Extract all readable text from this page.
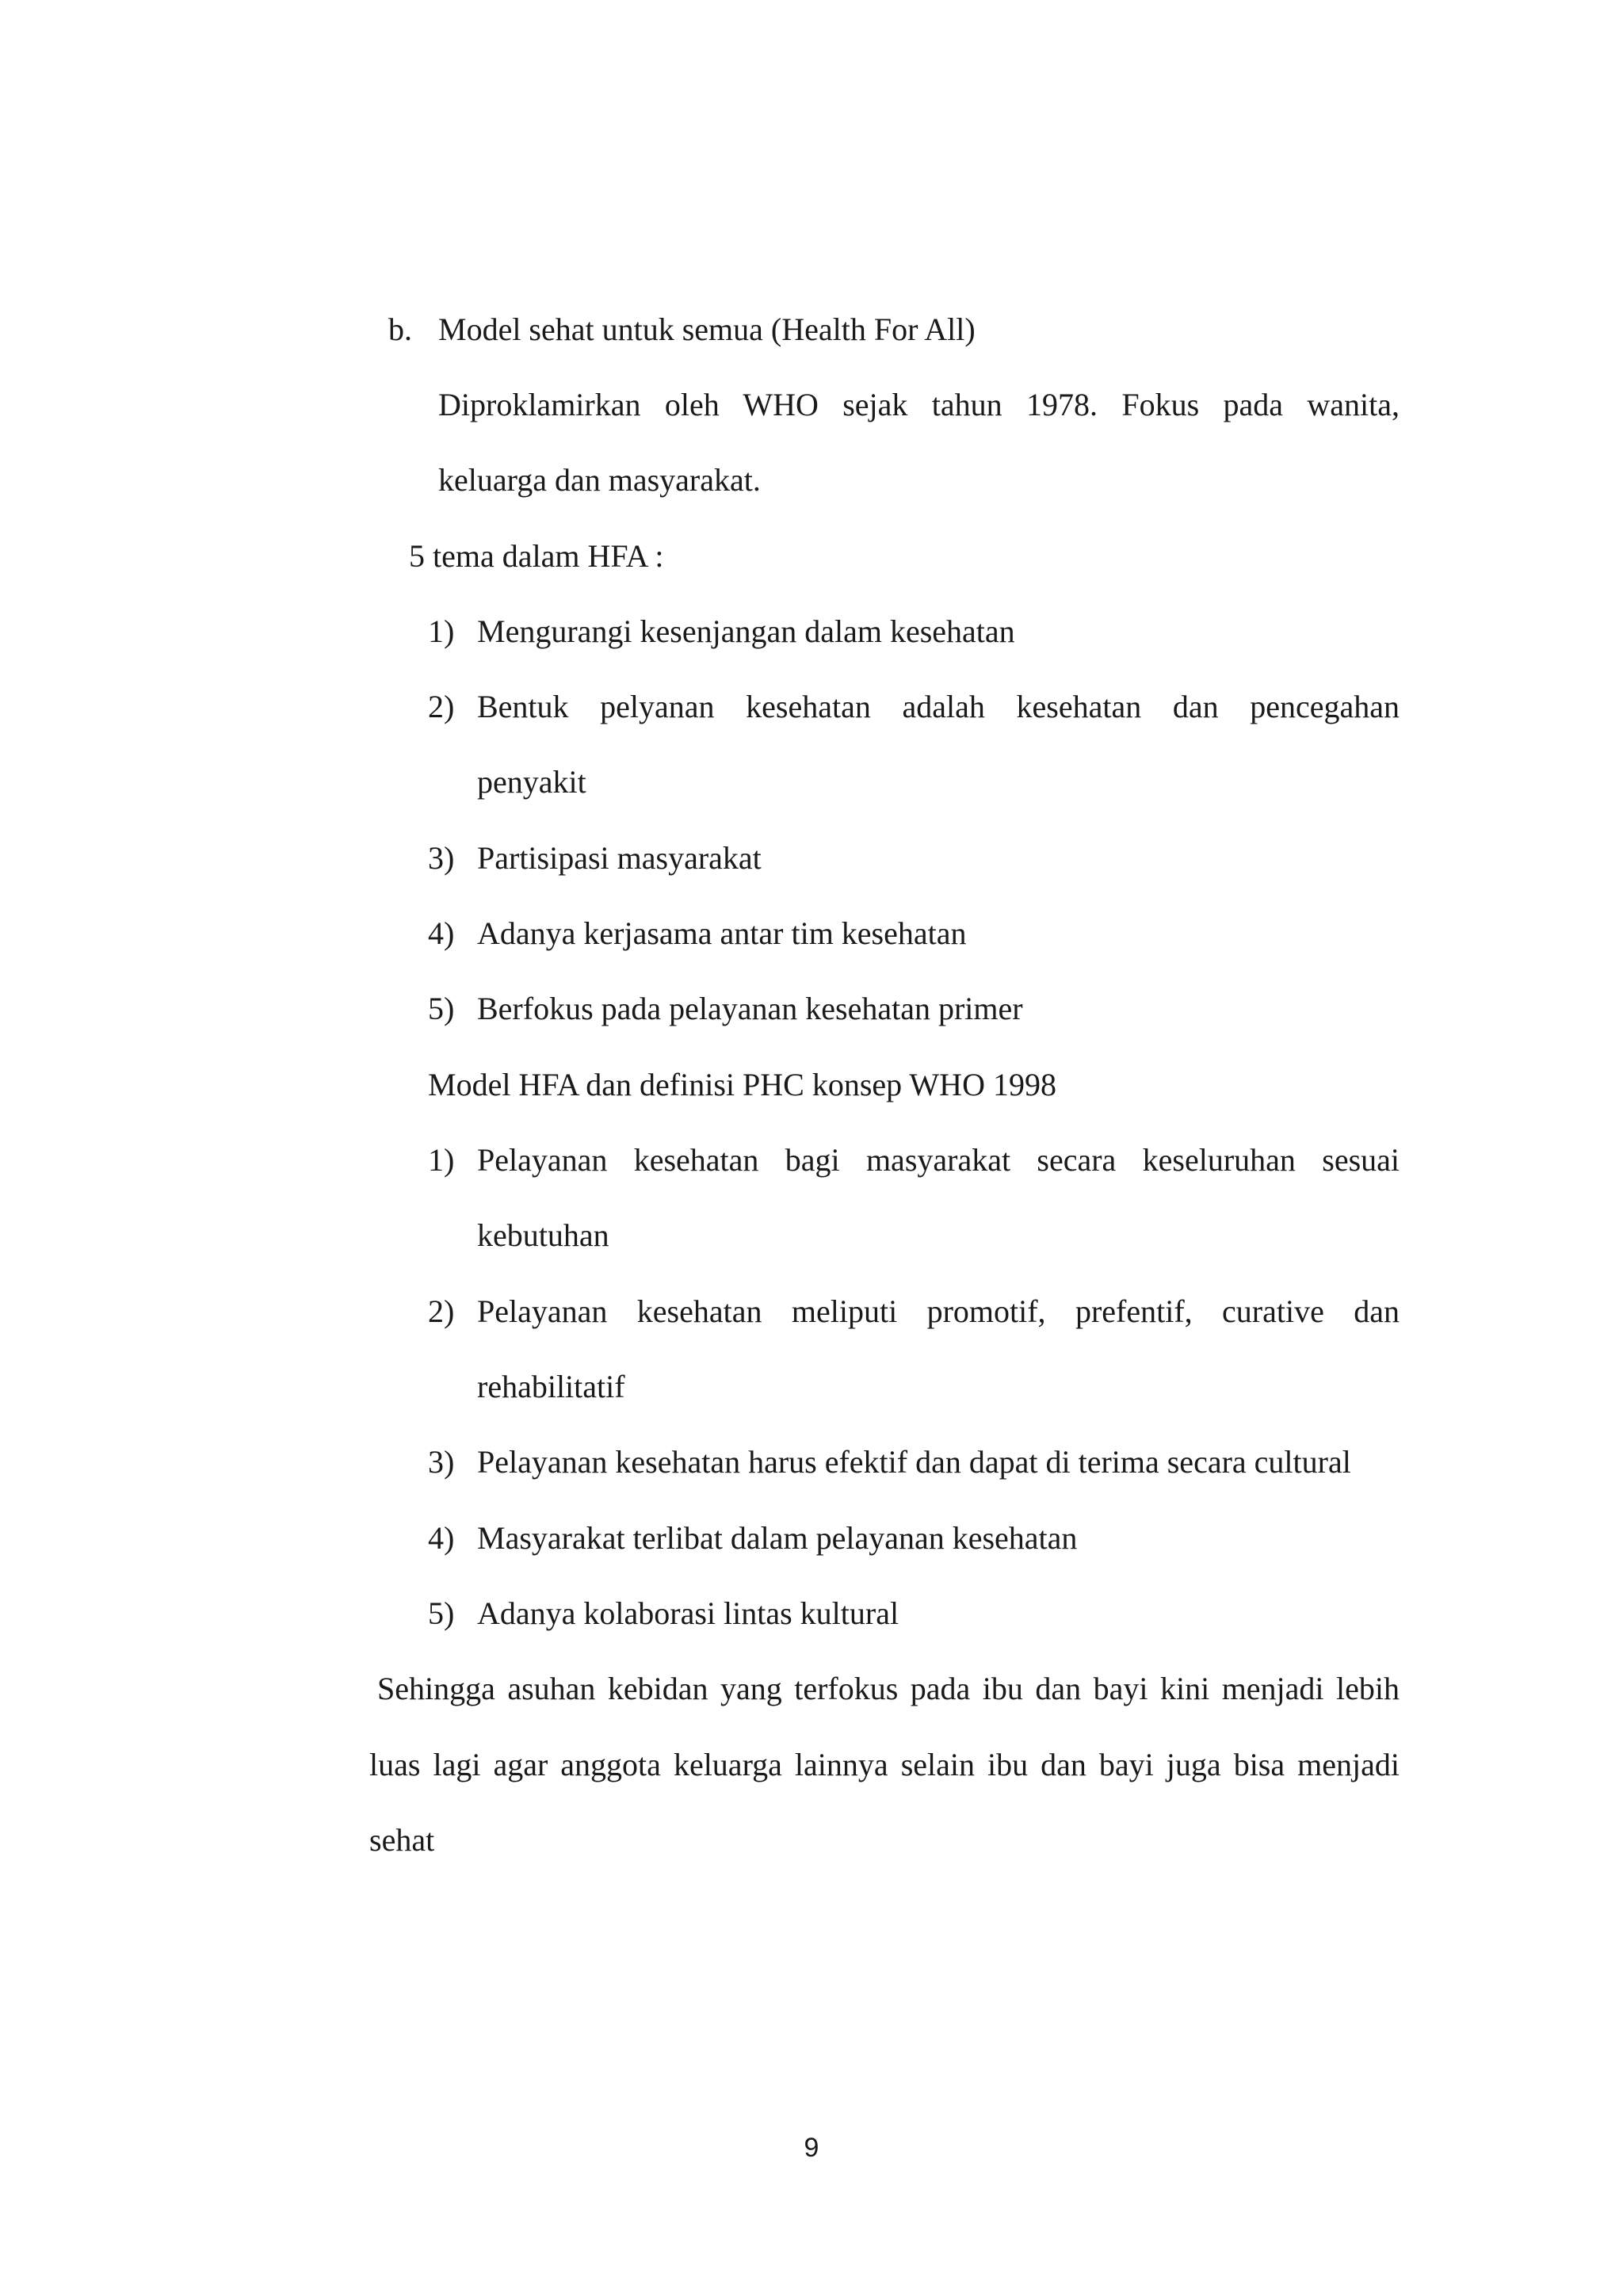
b. Model sehat untuk semua (Health For All)
Diproklamirkan oleh WHO sejak tahun 1978. Fokus pada wanita,
keluarga dan masyarakat.
5 tema dalam HFA :
1) Mengurangi kesenjangan dalam kesehatan
2) Bentuk pelyanan kesehatan adalah kesehatan dan pencegahan
penyakit
3) Partisipasi masyarakat
4) Adanya kerjasama antar tim kesehatan
5) Berfokus pada pelayanan kesehatan primer
Model HFA dan definisi PHC konsep WHO 1998
1) Pelayanan kesehatan bagi masyarakat secara keseluruhan sesuai
kebutuhan
2) Pelayanan kesehatan meliputi promotif, prefentif, curative dan
rehabilitatif
3) Pelayanan kesehatan harus efektif dan dapat di terima secara cultural
4) Masyarakat terlibat dalam pelayanan kesehatan
5) Adanya kolaborasi lintas kultural
Sehingga asuhan kebidan yang terfokus pada ibu dan bayi kini menjadi lebih
luas lagi agar anggota keluarga lainnya selain ibu dan bayi juga bisa menjadi
sehat
9
